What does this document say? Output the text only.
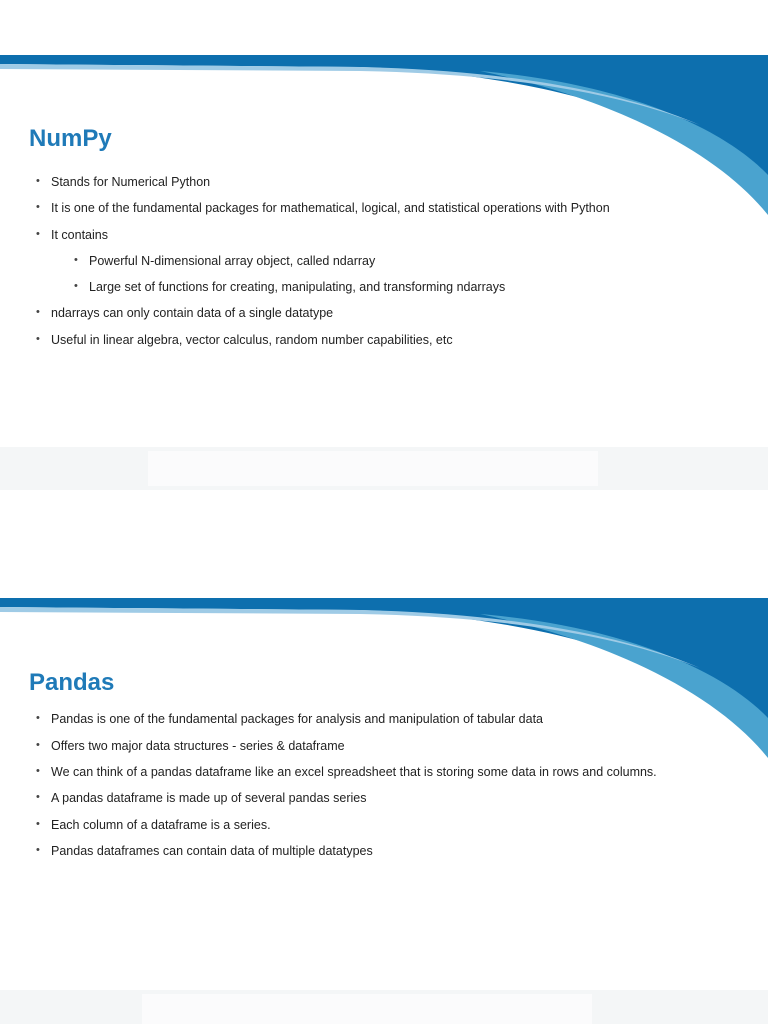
NumPy
• Stands for Numerical Python
• It is one of the fundamental packages for mathematical, logical, and statistical operations with Python
• It contains
• Powerful N-dimensional array object, called ndarray
• Large set of functions for creating, manipulating, and transforming ndarrays
• ndarrays can only contain data of a single datatype
• Useful in linear algebra, vector calculus, random number capabilities, etc
Pandas
• Pandas is one of the fundamental packages for analysis and manipulation of tabular data
• Offers two major data structures - series & dataframe
• We can think of a pandas dataframe like an excel spreadsheet that is storing some data in rows and columns.
• A pandas dataframe is made up of several pandas series
• Each column of a dataframe is a series.
• Pandas dataframes can contain data of multiple datatypes
